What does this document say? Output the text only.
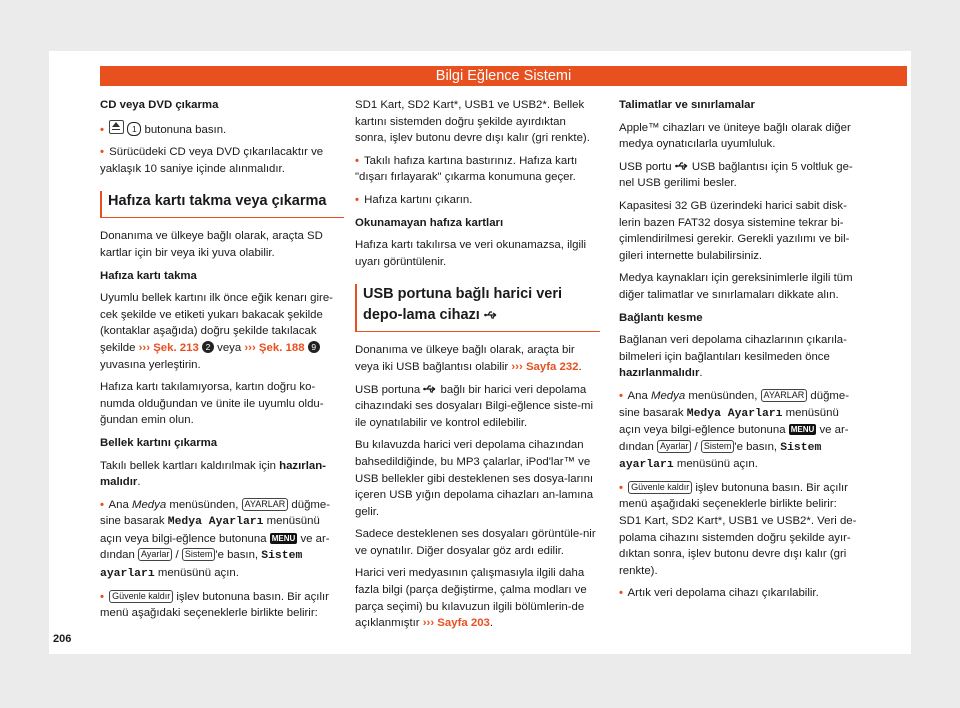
Bilgi Eğlence Sistemi

CD veya DVD çıkarma

•	1 butonuna basın.

• Sürücüdeki CD veya DVD çıkarılacaktır ve yaklaşık 10 saniye içinde alınmalıdır.

Hafıza kartı takma veya çıkarma

Donanıma ve ülkeye bağlı olarak, araçta SD kartlar için bir veya iki yuva olabilir.

Hafıza kartı takma

Uyumlu bellek kartını ilk önce eğik kenarı gire-cek şekilde ve etiketi yukarı bakacak şekilde (kontaklar aşağıda) doğru şekilde takılacak şekilde ››› Şek. 213 2 veya ››› Şek. 188 9 yuvasına yerleştirin.

Hafıza kartı takılamıyorsa, kartın doğru ko-numda olduğundan ve ünite ile uyumlu oldu-ğundan emin olun.

Bellek kartını çıkarma

Takılı bellek kartları kaldırılmak için hazırlan-malıdır.

• Ana Medya menüsünden, AYARLAR düğme-sine basarak Medya Ayarları menüsünü açın veya bilgi-eğlence butonuna MENU ve ar-dından Ayarlar / Sistem 'e basın, Sistem ayarları menüsünü açın.

• Güvenle kaldır işlev butonuna basın. Bir açılır menü aşağıdaki seçeneklerle birlikte belirir:

SD1 Kart, SD2 Kart*, USB1 ve USB2*. Bellek kartını sistemden doğru şekilde ayırdıktan sonra, işlev butonu devre dışı kalır (gri renkte).

• Takılı hafıza kartına bastırınız. Hafıza kartı "dışarı fırlayarak" çıkarma konumuna geçer.

• Hafıza kartını çıkarın.

Okunamayan hafıza kartları

Hafıza kartı takılırsa ve veri okunamazsa, ilgili uyarı görüntülenir.

USB portuna bağlı harici veri depo-lama cihazı

Donanıma ve ülkeye bağlı olarak, araçta bir veya iki USB bağlantısı olabilir ››› Sayfa 232.

USB portuna  bağlı bir harici veri depolama cihazındaki ses dosyaları Bilgi-eğlence siste-mi ile oynatılabilir ve kontrol edilebilir.

Bu kılavuzda harici veri depolama cihazından bahsedildiğinde, bu MP3 çalarlar, iPod'lar™ ve USB bellekler gibi desteklenen ses dosya-larını içeren USB yığın depolama cihazları an-lamına gelir.

Sadece desteklenen ses dosyaları görüntüle-nir ve oynatılır. Diğer dosyalar göz ardı edilir.

Harici veri medyasının çalışmasıyla ilgili daha fazla bilgi (parça değiştirme, çalma modları ve parça seçimi) bu kılavuzun ilgili bölümlerin-de açıklanmıştır ››› Sayfa 203.

Talimatlar ve sınırlamalar

Apple™ cihazları ve üniteye bağlı olarak diğer medya oynatıcılarla uyumluluk.

USB portu  USB bağlantısı için 5 voltluk ge-nel USB gerilimi besler.

Kapasitesi 32 GB üzerindeki harici sabit disk-lerin bazen FAT32 dosya sistemine tekrar bi-çimlendirilmesi gerekir. Gerekli yazılımı ve bil-gileri internette bulabilirsiniz.

Medya kaynakları için gereksinimlerle ilgili tüm diğer talimatlar ve sınırlamaları dikkate alın.

Bağlantı kesme

Bağlanan veri depolama cihazlarının çıkarıla-bilmeleri için bağlantıları kesilmeden önce hazırlanmalıdır.

• Ana Medya menüsünden, AYARLAR düğme-sine basarak Medya Ayarları menüsünü açın veya bilgi-eğlence butonuna MENU ve ar-dından Ayarlar / Sistem 'e basın, Sistem ayarları menüsünü açın.

• Güvenle kaldır işlev butonuna basın. Bir açılır menü aşağıdaki seçeneklerle birlikte belirir: SD1 Kart, SD2 Kart*, USB1 ve USB2*. Veri de-polama cihazını sistemden doğru şekilde ayır-dıktan sonra, işlev butonu devre dışı kalır (gri renkte).

• Artık veri depolama cihazı çıkarılabilir.

206
